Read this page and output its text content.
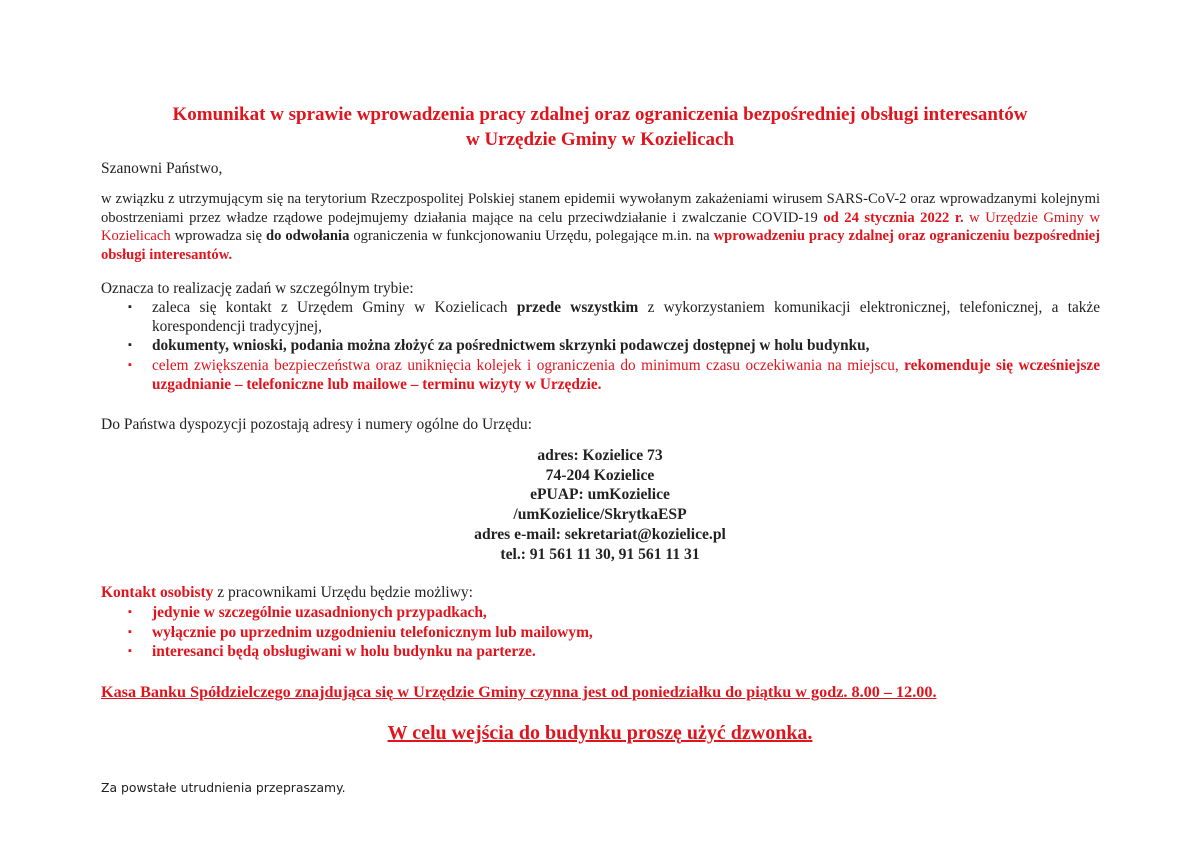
Komunikat w sprawie wprowadzenia pracy zdalnej oraz ograniczenia bezpośredniej obsługi interesantów
w Urzędzie Gminy w Kozielicach
Szanowni Państwo,
w związku z utrzymującym się na terytorium Rzeczpospolitej Polskiej stanem epidemii wywołanym zakażeniami wirusem SARS-CoV-2 oraz wprowadzanymi kolejnymi obostrzeniami przez władze rządowe podejmujemy działania mające na celu przeciwdziałanie i zwalczanie COVID-19 od 24 stycznia 2022 r. w Urzędzie Gminy w Kozielicach wprowadza się do odwołania ograniczenia w funkcjonowaniu Urzędu, polegające m.in. na wprowadzeniu pracy zdalnej oraz ograniczeniu bezpośredniej obsługi interesantów.
Oznacza to realizację zadań w szczególnym trybie:
▪ zaleca się kontakt z Urzędem Gminy w Kozielicach przede wszystkim z wykorzystaniem komunikacji elektronicznej, telefonicznej, a także korespondencji tradycyjnej,
▪ dokumenty, wnioski, podania można złożyć za pośrednictwem skrzynki podawczej dostępnej w holu budynku,
▪ celem zwiększenia bezpieczeństwa oraz uniknięcia kolejek i ograniczenia do minimum czasu oczekiwania na miejscu, rekomenduje się wcześniejsze uzgadnianie – telefoniczne lub mailowe – terminu wizyty w Urzędzie.
Do Państwa dyspozycji pozostają adresy i numery ogólne do Urzędu:
adres: Kozielice 73
74-204 Kozielice
ePUAP: umKozielice
/umKozielice/SkrytkaESP
adres e-mail: sekretariat@kozielice.pl
tel.: 91 561 11 30, 91 561 11 31
Kontakt osobisty z pracownikami Urzędu będzie możliwy:
▪ jedynie w szczególnie uzasadnionych przypadkach,
▪ wyłącznie po uprzednim uzgodnieniu telefonicznym lub mailowym,
▪ interesanci będą obsługiwani w holu budynku na parterze.
Kasa Banku Spółdzielczego znajdująca się w Urzędzie Gminy czynna jest od poniedziałku do piątku w godz. 8.00 – 12.00.
W celu wejścia do budynku proszę użyć dzwonka.
Za powstałe utrudnienia przepraszamy.
